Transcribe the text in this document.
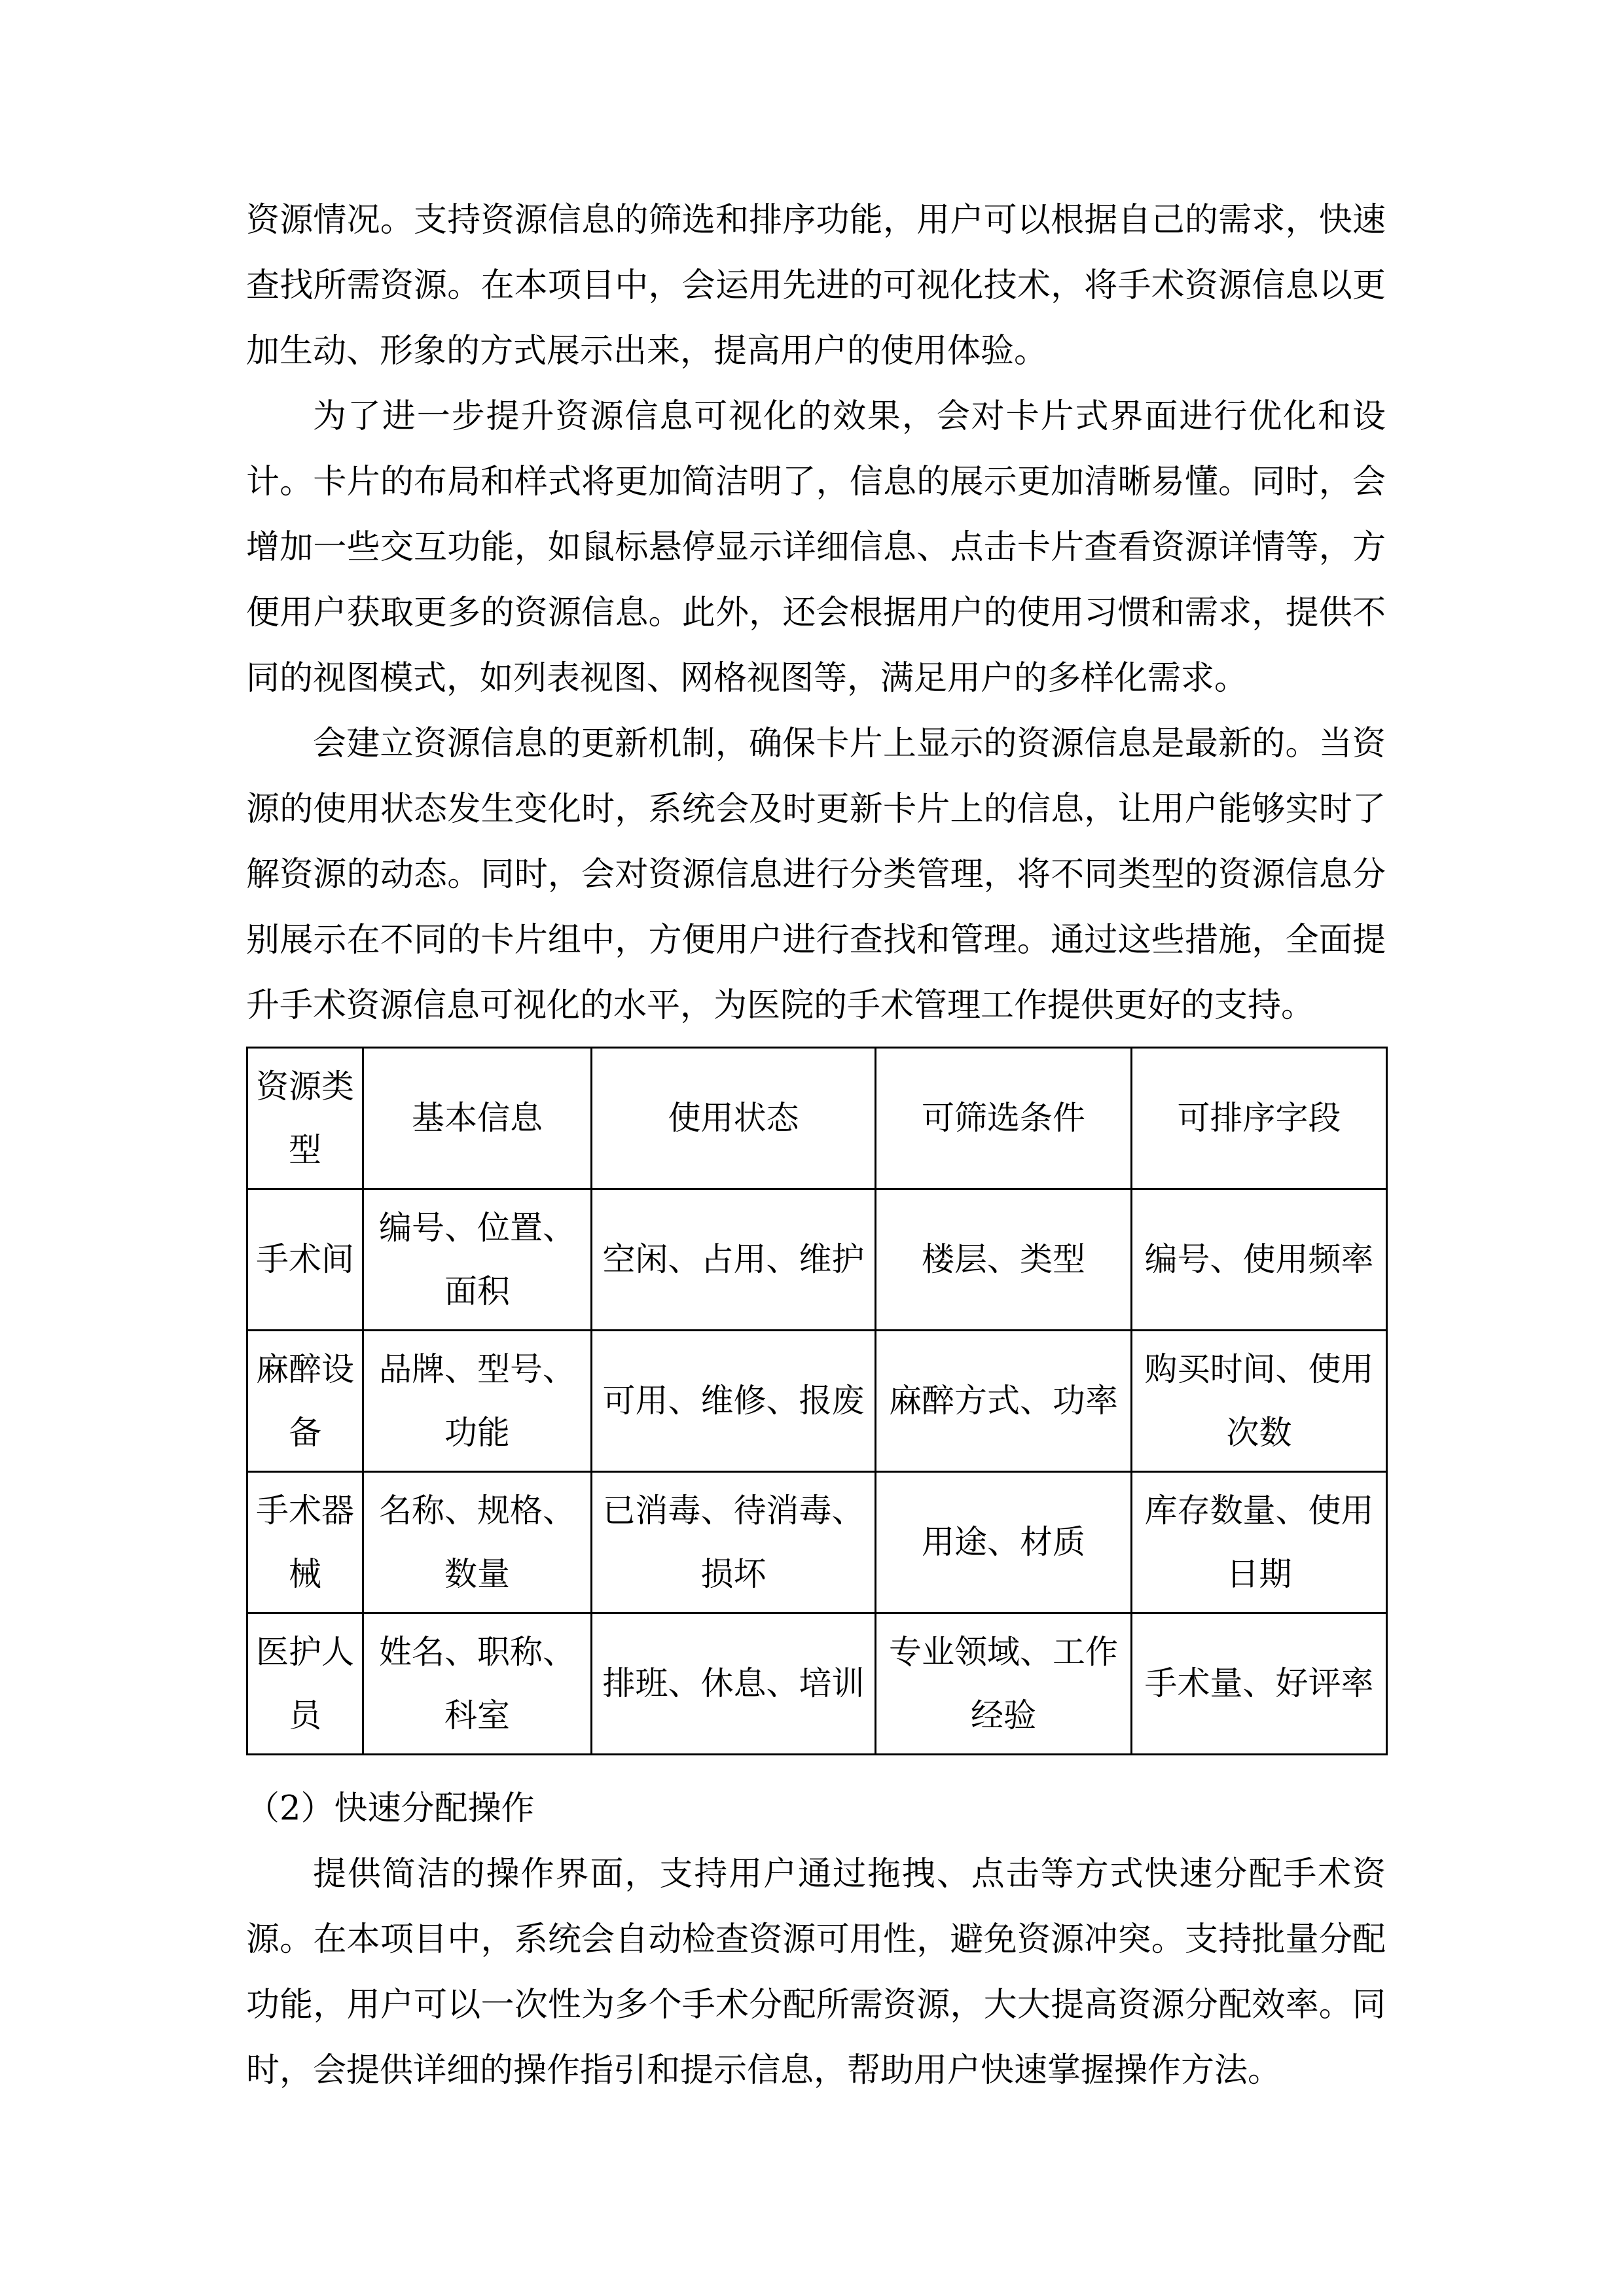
资源情况。支持资源信息的筛选和排序功能，用户可以根据自己的需求，快速
查找所需资源。在本项目中，会运用先进的可视化技术，将手术资源信息以更
加生动、形象的方式展示出来，提高用户的使用体验。
为了进一步提升资源信息可视化的效果，会对卡片式界面进行优化和设
计。卡片的布局和样式将更加简洁明了，信息的展示更加清晰易懂。同时，会
增加一些交互功能，如鼠标悬停显示详细信息、点击卡片查看资源详情等，方
便用户获取更多的资源信息。此外，还会根据用户的使用习惯和需求，提供不
同的视图模式，如列表视图、网格视图等，满足用户的多样化需求。
会建立资源信息的更新机制，确保卡片上显示的资源信息是最新的。当资
源的使用状态发生变化时，系统会及时更新卡片上的信息，让用户能够实时了
解资源的动态。同时，会对资源信息进行分类管理，将不同类型的资源信息分
别展示在不同的卡片组中，方便用户进行查找和管理。通过这些措施，全面提
升手术资源信息可视化的水平，为医院的手术管理工作提供更好的支持。
资源类型	基本信息	使用状态	可筛选条件	可排序字段
手术间	编号、位置、面积	空闲、占用、维护	楼层、类型	编号、使用频率
麻醉设备	品牌、型号、功能	可用、维修、报废	麻醉方式、功率	购买时间、使用次数
手术器械	名称、规格、数量	已消毒、待消毒、损坏	用途、材质	库存数量、使用日期
医护人员	姓名、职称、科室	排班、休息、培训	专业领域、工作经验	手术量、好评率
（2）快速分配操作
提供简洁的操作界面，支持用户通过拖拽、点击等方式快速分配手术资
源。在本项目中，系统会自动检查资源可用性，避免资源冲突。支持批量分配
功能，用户可以一次性为多个手术分配所需资源，大大提高资源分配效率。同
时，会提供详细的操作指引和提示信息，帮助用户快速掌握操作方法。
